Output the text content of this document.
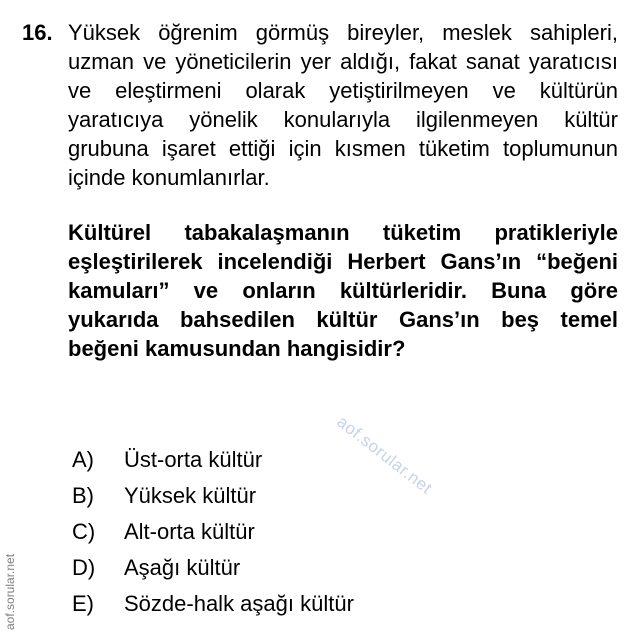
16. Yüksek öğrenim görmüş bireyler, meslek sahipleri, uzman ve yöneticilerin yer aldığı, fakat sanat yaratıcısı ve eleştirmeni olarak yetiştirilmeyen ve kültürün yaratıcıya yönelik konularıyla ilgilenmeyen kültür grubuna işaret ettiği için kısmen tüketim toplumunun içinde konumlanırlar.

Kültürel tabakalaşmanın tüketim pratikleriyle eşleştirilerek incelendiği Herbert Gans’ın “beğeni kamuları” ve onların kültürleridir. Buna göre yukarıda bahsedilen kültür Gans’ın beş temel beğeni kamusundan hangisidir?

A) Üst-orta kültür
B) Yüksek kültür
C) Alt-orta kültür
D) Aşağı kültür
E) Sözde-halk aşağı kültür
aof.sorular.net
aof.sorular.net
